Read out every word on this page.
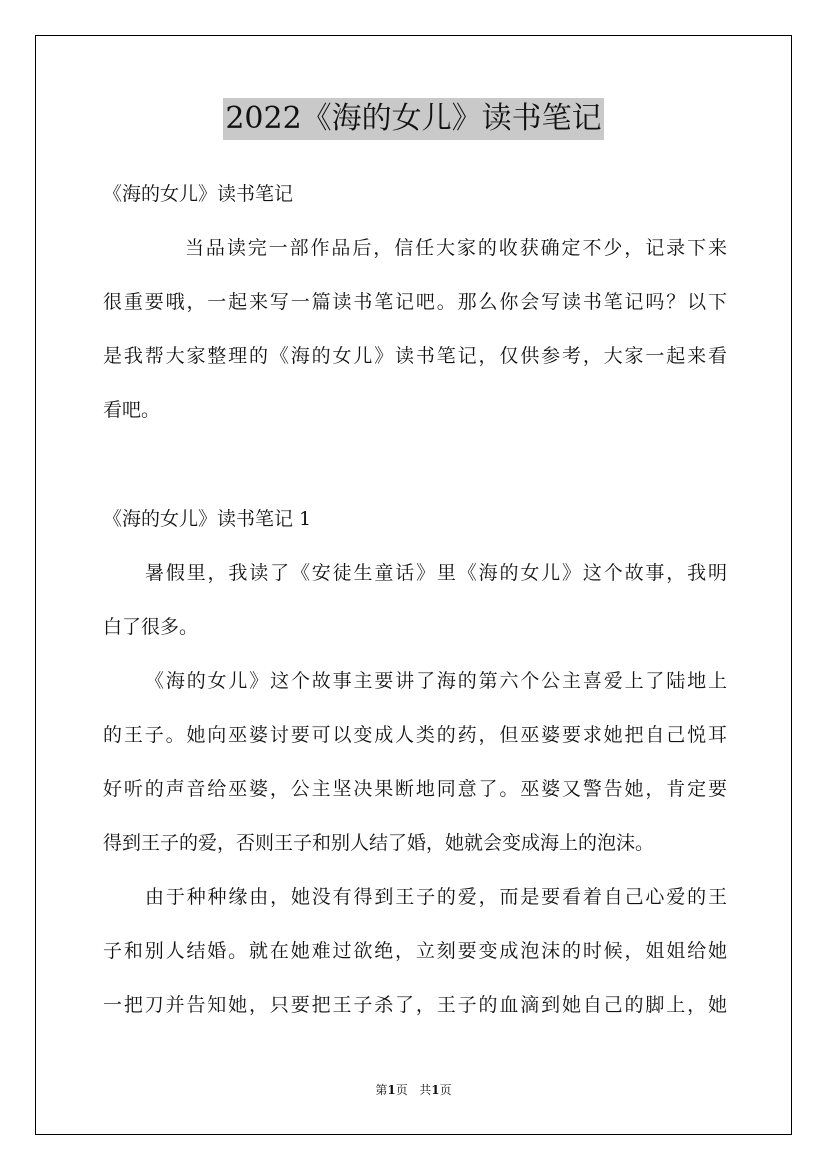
2022《海的女儿》读书笔记
《海的女儿》读书笔记
当品读完一部作品后，信任大家的收获确定不少，记录下来
很重要哦，一起来写一篇读书笔记吧。那么你会写读书笔记吗？以下
是我帮大家整理的《海的女儿》读书笔记，仅供参考，大家一起来看
看吧。
《海的女儿》读书笔记 1
暑假里，我读了《安徒生童话》里《海的女儿》这个故事，我明
白了很多。
《海的女儿》这个故事主要讲了海的第六个公主喜爱上了陆地上
的王子。她向巫婆讨要可以变成人类的药，但巫婆要求她把自己悦耳
好听的声音给巫婆，公主坚决果断地同意了。巫婆又警告她，肯定要
得到王子的爱，否则王子和别人结了婚，她就会变成海上的泡沫。
由于种种缘由，她没有得到王子的爱，而是要看着自己心爱的王
子和别人结婚。就在她难过欲绝，立刻要变成泡沫的时候，姐姐给她
一把刀并告知她，只要把王子杀了，王子的血滴到她自己的脚上，她
第1页 共1页
